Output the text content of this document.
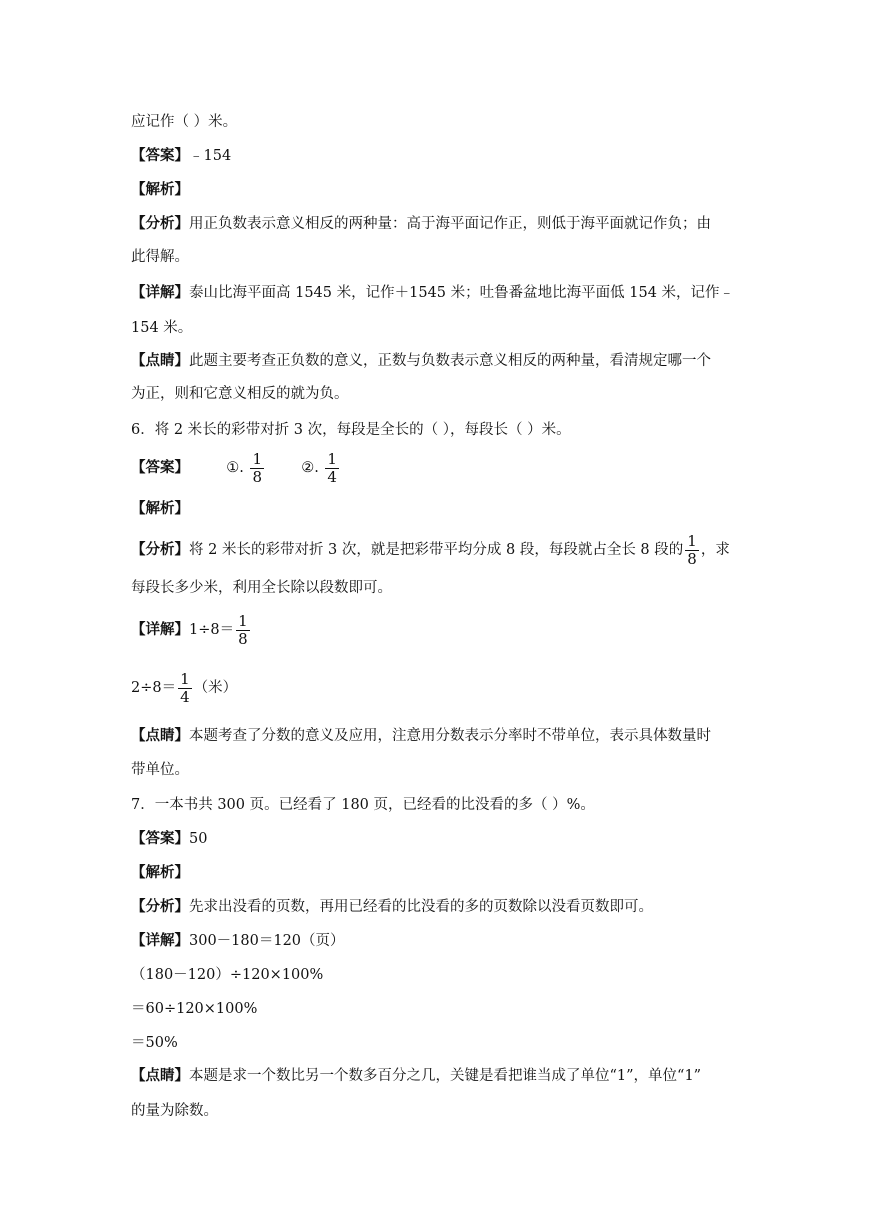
应记作（ ）米。
【答案】﹣154
【解析】
【分析】用正负数表示意义相反的两种量：高于海平面记作正，则低于海平面就记作负；由
此得解。
【详解】泰山比海平面高 1545 米，记作＋1545 米；吐鲁番盆地比海平面低 154 米，记作﹣
154 米。
【点睛】此题主要考查正负数的意义，正数与负数表示意义相反的两种量，看清规定哪一个
为正，则和它意义相反的就为负。
6．将 2 米长的彩带对折 3 次，每段是全长的（ ），每段长（ ）米。
【答案】	①. $\frac{1}{8}$	②. $\frac{1}{4}$
【解析】
【分析】将 2 米长的彩带对折 3 次，就是把彩带平均分成 8 段，每段就占全长 8 段的 $\frac{1}{8}$ ，求
每段长多少米，利用全长除以段数即可。
【详解】$1\div 8= \frac{1}{8}$
$2\div 8= \frac{1}{4}$ （米）
【点睛】本题考查了分数的意义及应用，注意用分数表示分率时不带单位，表示具体数量时
带单位。
7．一本书共 300 页。已经看了 180 页，已经看的比没看的多（ ）%。
【答案】50
【解析】
【分析】先求出没看的页数，再用已经看的比没看的多的页数除以没看页数即可。
【详解】300－180＝120（页）
（180－120）÷120×100%
＝60÷120×100%
＝50%
【点睛】本题是求一个数比另一个数多百分之几，关键是看把谁当成了单位“1”，单位“1”
的量为除数。
